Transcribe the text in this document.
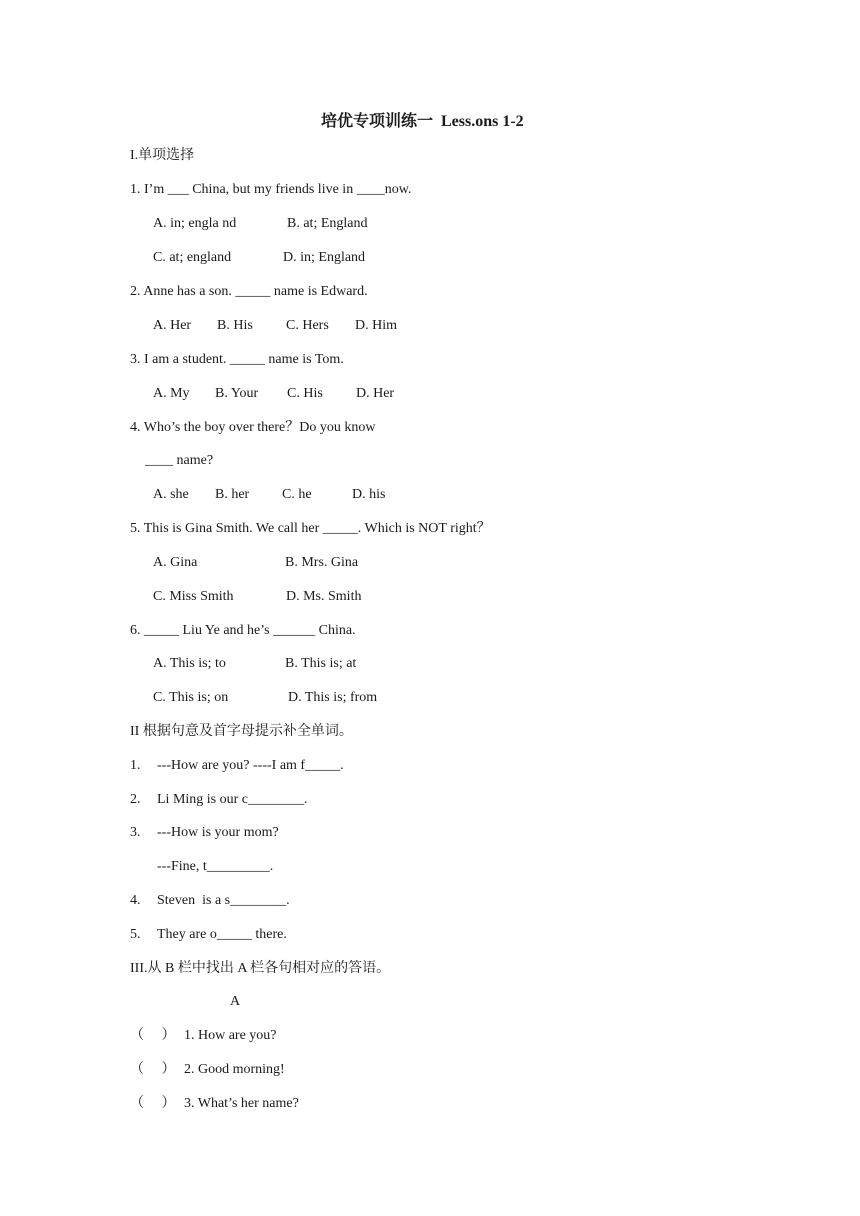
培优专项训练一  Less.ons 1-2
I.单项选择
1. I’m ___ China, but my friends live in ____now.
A. in; engla nd	B. at; England
C. at; england	D. in; England
2. Anne has a son. _____ name is Edward.
A. Her B. His C. Hers D. Him
3. I am a student. _____ name is Tom.
A. My B. Your C. His D. Her
4. Who’s the boy over there？Do you know
____ name?
A. she B. her C. he	D. his
5. This is Gina Smith. We call her _____. Which is NOT right？
A. Gina	B. Mrs. Gina
C. Miss Smith	D. Ms. Smith
6. _____ Liu Ye and he’s ______ China.
A. This is; to	B. This is; at
C. This is; on	D. This is; from
II 根据句意及首字母提示补全单词。
1. ---How are you? ----I am f_____.
2. Li Ming is our c________.
3. ---How is your mom?
---Fine, t_________.
4. Steven  is a s________.
5. They are o_____ there.
III.从 B 栏中找出 A 栏各句相对应的答语。
A
（     ） 1. How are you?
（     ） 2. Good morning!
（     ） 3. What’s her name?
